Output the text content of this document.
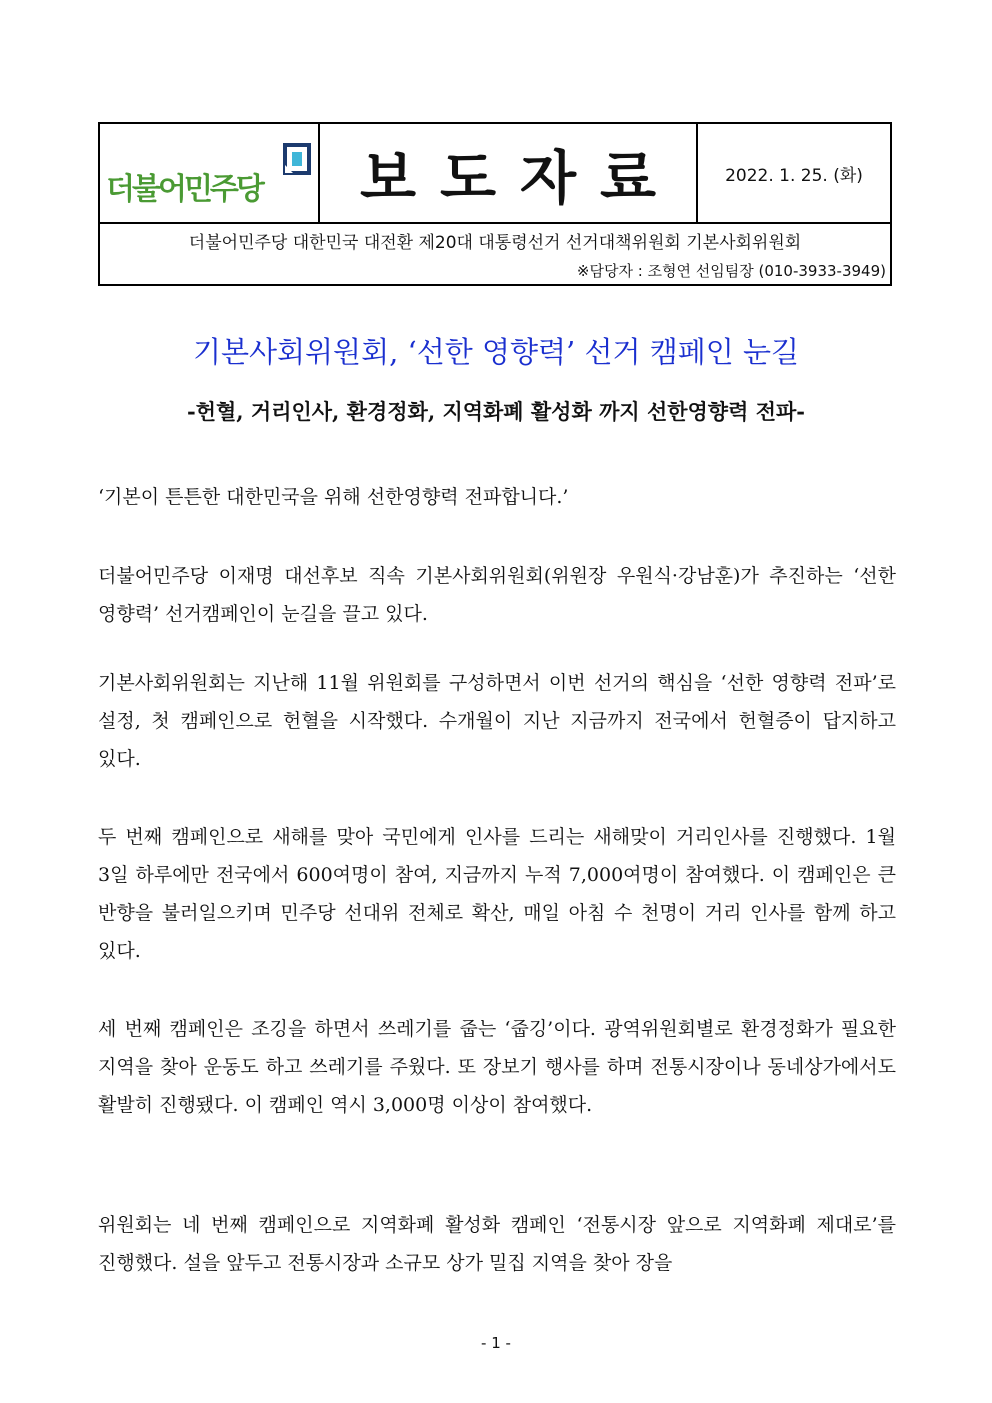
더불어민주당	보도자료	2022. 1. 25. (화)
더불어민주당 대한민국 대전환 제20대 대통령선거 선거대책위원회 기본사회위원회
※담당자 : 조형연 선임팀장 (010-3933-3949)
기본사회위원회, ‘선한 영향력’ 선거 캠페인 눈길
-헌혈, 거리인사, 환경정화, 지역화폐 활성화 까지 선한영향력 전파-
‘기본이 튼튼한 대한민국을 위해 선한영향력 전파합니다.’
더불어민주당 이재명 대선후보 직속 기본사회위원회(위원장 우원식·강남훈)가 추진하는 ‘선한 영향력’ 선거캠페인이 눈길을 끌고 있다.
기본사회위원회는 지난해 11월 위원회를 구성하면서 이번 선거의 핵심을 ‘선한 영향력 전파’로 설정, 첫 캠페인으로 헌혈을 시작했다. 수개월이 지난 지금까지 전국에서 헌혈증이 답지하고 있다.
두 번째 캠페인으로 새해를 맞아 국민에게 인사를 드리는 새해맞이 거리인사를 진행했다. 1월 3일 하루에만 전국에서 600여명이 참여, 지금까지 누적 7,000여명이 참여했다. 이 캠페인은 큰 반향을 불러일으키며 민주당 선대위 전체로 확산, 매일 아침 수 천명이 거리 인사를 함께 하고 있다.
세 번째 캠페인은 조깅을 하면서 쓰레기를 줍는 ‘줍깅’이다. 광역위원회별로 환경정화가 필요한 지역을 찾아 운동도 하고 쓰레기를 주웠다. 또 장보기 행사를 하며 전통시장이나 동네상가에서도 활발히 진행됐다. 이 캠페인 역시 3,000명 이상이 참여했다.
위원회는 네 번째 캠페인으로 지역화폐 활성화 캠페인 ‘전통시장 앞으로 지역화폐 제대로’를 진행했다. 설을 앞두고 전통시장과 소규모 상가 밀집 지역을 찾아 장을
- 1 -
